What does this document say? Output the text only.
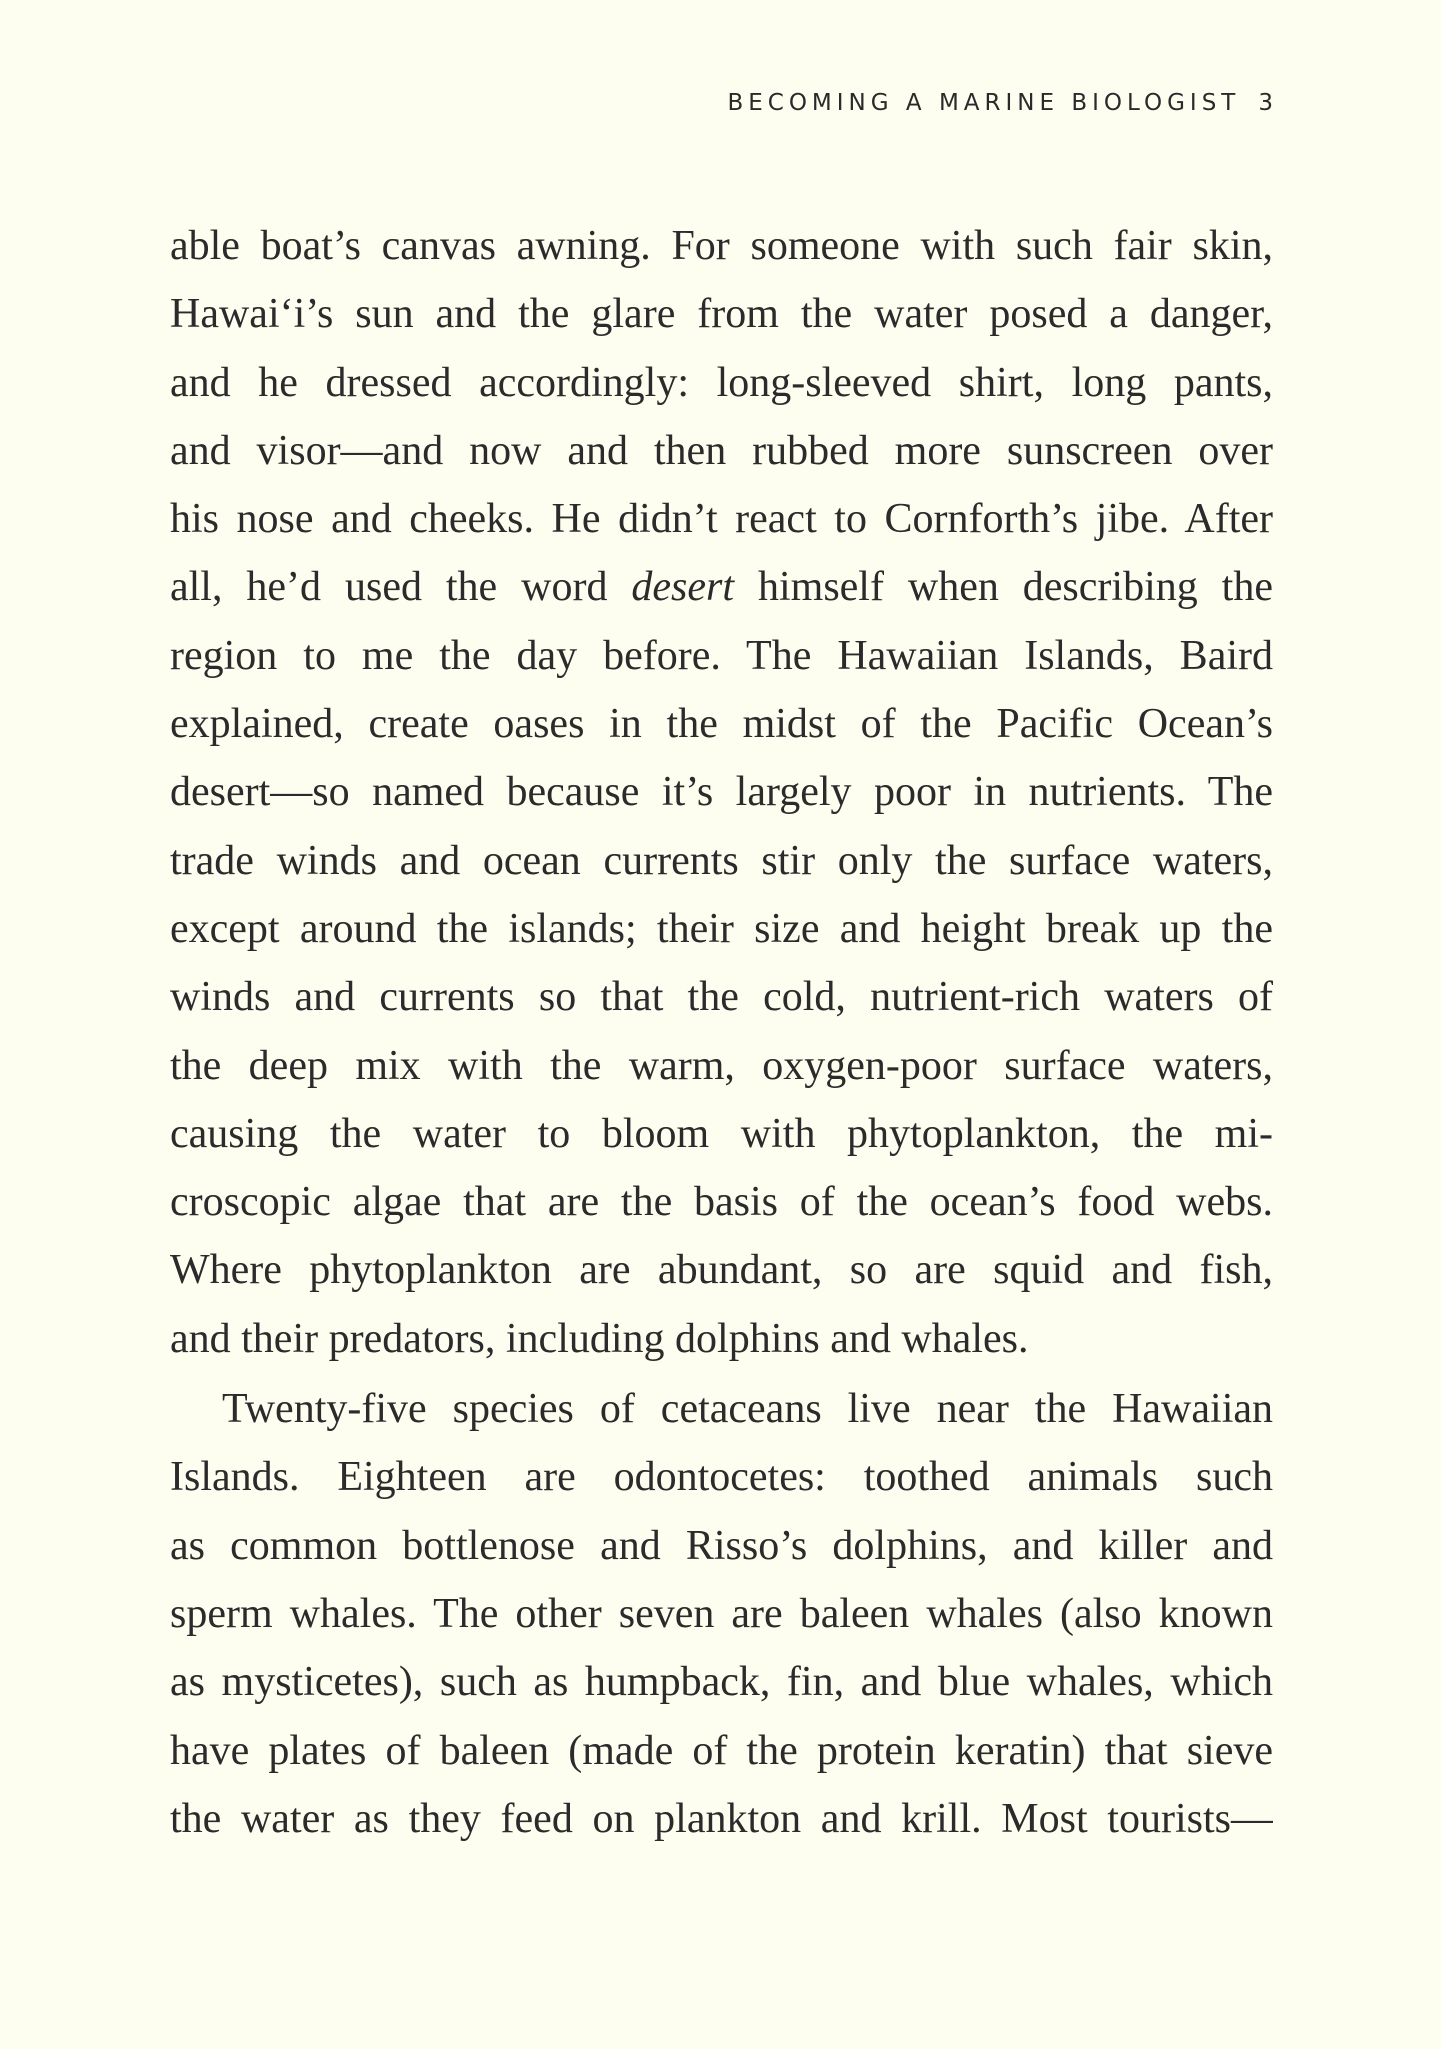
BECOMING A MARINE BIOLOGIST 3
able boat’s canvas awning. For someone with such fair skin,
Hawai‘i’s sun and the glare from the water posed a danger,
and he dressed accordingly: long-sleeved shirt, long pants,
and visor—and now and then rubbed more sunscreen over
his nose and cheeks. He didn’t react to Cornforth’s jibe. After
all, he’d used the word desert himself when describing the
region to me the day before. The Hawaiian Islands, Baird
explained, create oases in the midst of the Pacific Ocean’s
desert—so named because it’s largely poor in nutrients. The
trade winds and ocean currents stir only the surface waters,
except around the islands; their size and height break up the
winds and currents so that the cold, nutrient-rich waters of
the deep mix with the warm, oxygen-poor surface waters,
causing the water to bloom with phytoplankton, the mi-
croscopic algae that are the basis of the ocean’s food webs.
Where phytoplankton are abundant, so are squid and fish,
and their predators, including dolphins and whales.
Twenty-five species of cetaceans live near the Hawaiian
Islands. Eighteen are odontocetes: toothed animals such
as common bottlenose and Risso’s dolphins, and killer and
sperm whales. The other seven are baleen whales (also known
as mysticetes), such as humpback, fin, and blue whales, which
have plates of baleen (made of the protein keratin) that sieve
the water as they feed on plankton and krill. Most tourists—
